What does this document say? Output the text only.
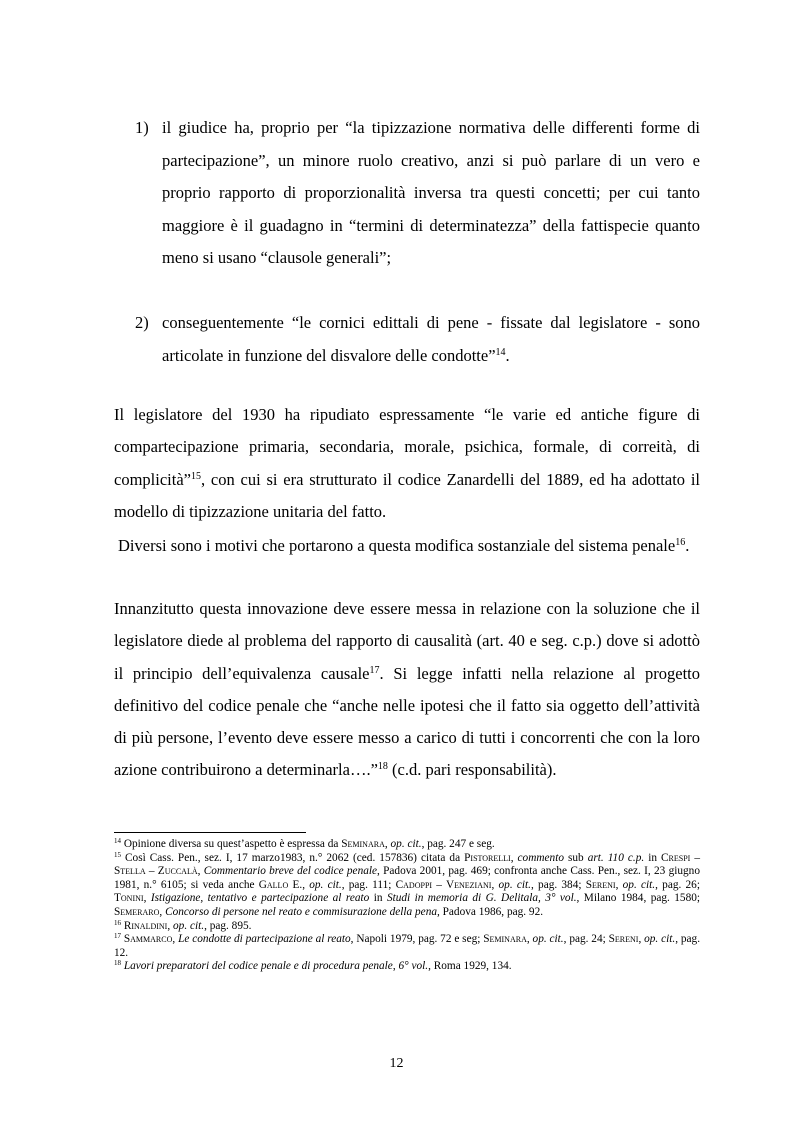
1) il giudice ha, proprio per “la tipizzazione normativa delle differenti forme di partecipazione”, un minore ruolo creativo, anzi si può parlare di un vero e proprio rapporto di proporzionalità inversa tra questi concetti; per cui tanto maggiore è il guadagno in “termini di determinatezza” della fattispecie quanto meno si usano “clausole generali”;
2) conseguentemente “le cornici edittali di pene - fissate dal legislatore - sono articolate in funzione del disvalore delle condotte”$^{14}$.
Il legislatore del 1930 ha ripudiato espressamente “le varie ed antiche figure di compartecipazione primaria, secondaria, morale, psichica, formale, di correità, di complicità”$^{15}$, con cui si era strutturato il codice Zanardelli del 1889, ed ha adottato il modello di tipizzazione unitaria del fatto.
Diversi sono i motivi che portarono a questa modifica sostanziale del sistema penale$^{16}$.
Innanzitutto questa innovazione deve essere messa in relazione con la soluzione che il legislatore diede al problema del rapporto di causalità (art. 40 e seg. c.p.) dove si adottò il principio dell’equivalenza causale$^{17}$. Si legge infatti nella relazione al progetto definitivo del codice penale che “anche nelle ipotesi che il fatto sia oggetto dell’attività di più persone, l’evento deve essere messo a carico di tutti i concorrenti che con la loro azione contribuirono a determinarla….”$^{18}$ (c.d. pari responsabilità).

$^{14}$ Opinione diversa su quest’aspetto è espressa da Seminara, op. cit., pag. 247 e seg.

$^{15}$ Così Cass. Pen., sez. I, 17 marzo1983, n.° 2062 (ced. 157836) citata da Pistorelli, commento sub art. 110 c.p. in Crespi – Stella – Zuccalà, Commentario breve del codice penale, Padova 2001, pag. 469; confronta anche Cass. Pen., sez. I, 23 giugno 1981, n.° 6105; si veda anche Gallo E., op. cit., pag. 111; Cadoppi – Veneziani, op. cit., pag. 384; Sereni, op. cit., pag. 26; Tonini, Istigazione, tentativo e partecipazione al reato in Studi in memoria di G. Delitala, 3° vol., Milano 1984, pag. 1580; Semeraro, Concorso di persone nel reato e commisurazione della pena, Padova 1986, pag. 92.

$^{16}$ Rinaldini, op. cit., pag. 895.

$^{17}$ Sammarco, Le condotte di partecipazione al reato, Napoli 1979, pag. 72 e seg; Seminara, op. cit., pag. 24; Sereni, op. cit., pag. 12.

$^{18}$ Lavori preparatori del codice penale e di procedura penale, 6° vol., Roma 1929, 134.

12
